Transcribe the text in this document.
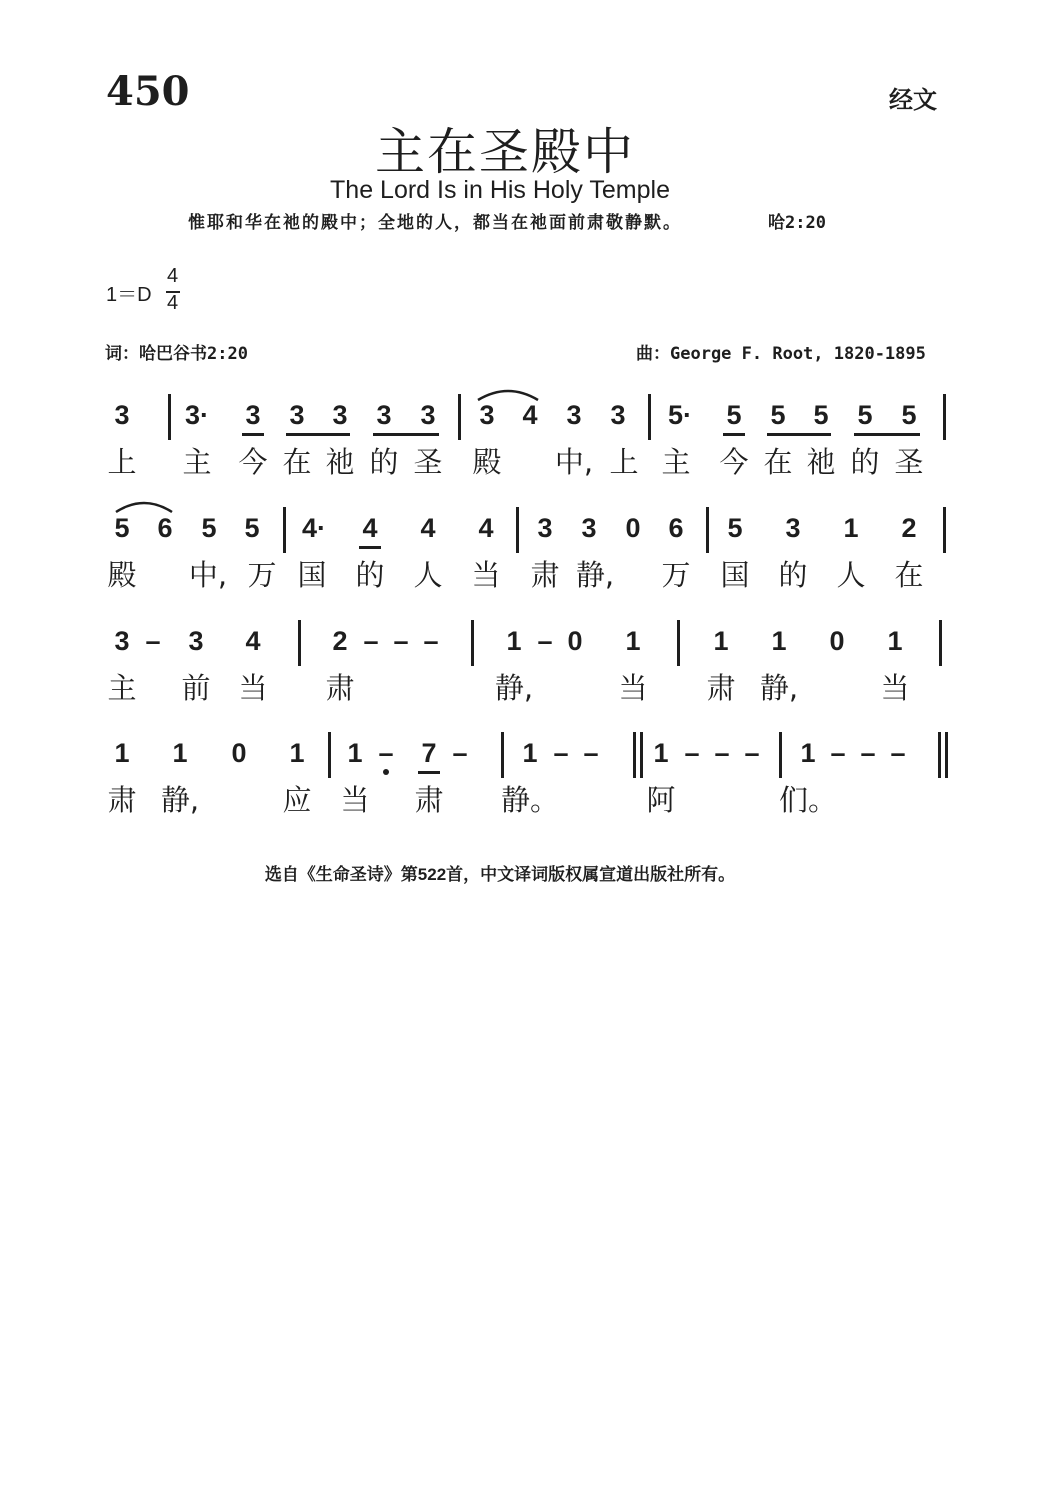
450	经文
主在圣殿中
The Lord Is in His Holy Temple
惟耶和华在祂的殿中；全地的人，都当在祂面前肃敬静默。	哈2:20
1＝D
4
4
词：哈巴谷书2:20	曲：George F. Root, 1820-1895
3 3· 3 3 3 3 3 3 4 3 3 5· 5 5 5 5 5
上 主 今 在 祂 的 圣 殿 中, 上 主 今 在 祂 的 圣
5 6 5 5 4· 4 4 4 3 3 0 6 5 3 1 2
殿 中, 万 国 的 人 当 肃 静, 万 国 的 人 在
3 – 3 4	2 – – –	1 – 0 1	1 1 0 1
主 前 当 肃	静,	当 肃 静,	当
1 1 0 1 1 – 7 – 1 – – 1 – – – 1 – – –
肃 静,	应 当 肃 静。	阿	们。
选自《生命圣诗》第522首，中文译词版权属宣道出版社所有。
